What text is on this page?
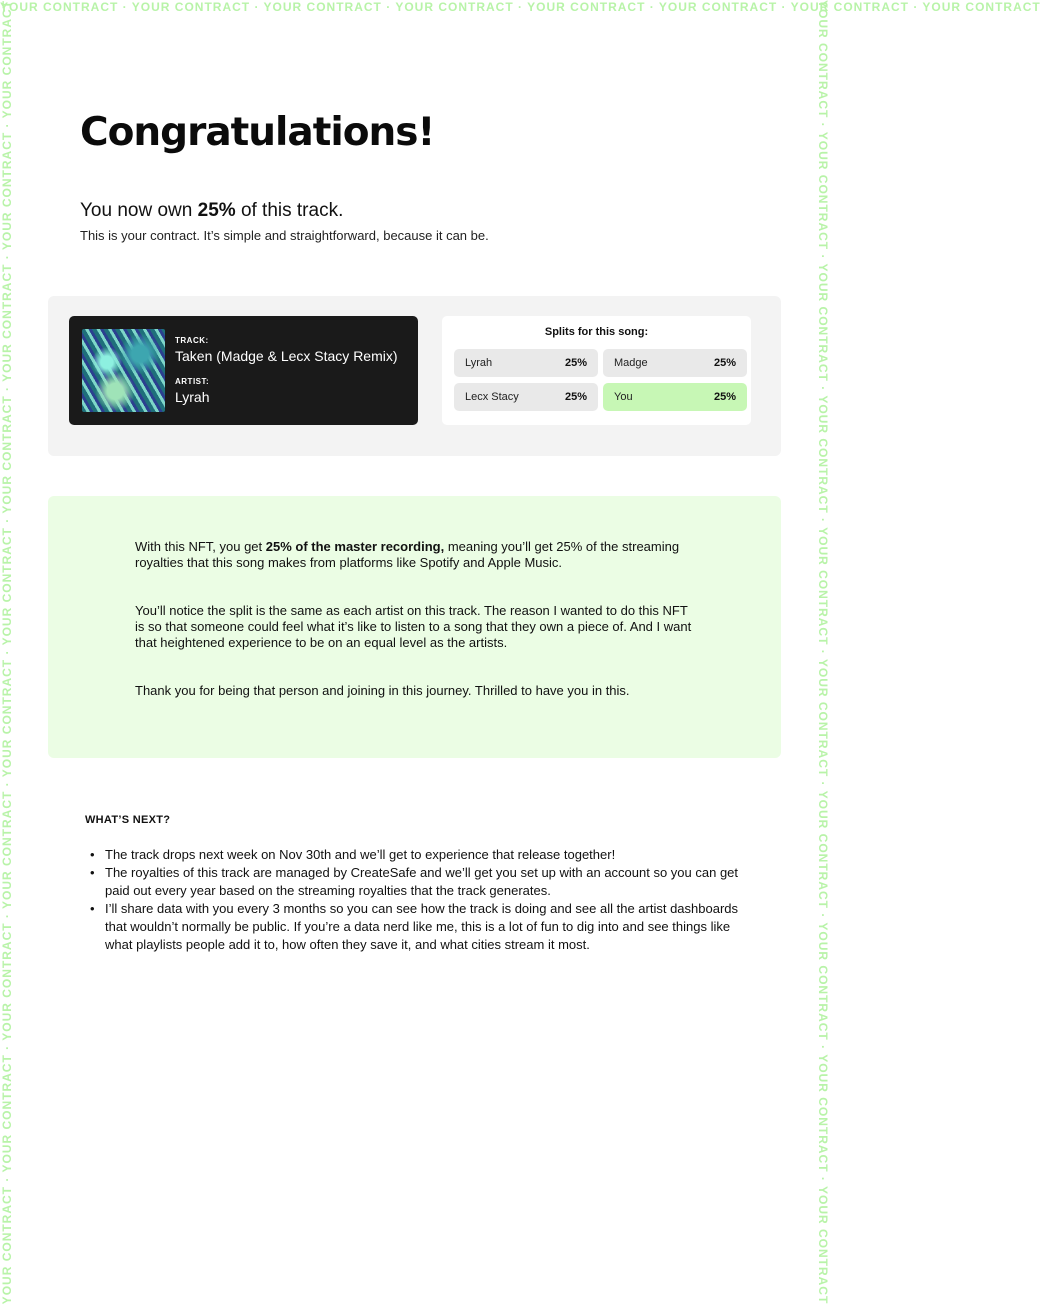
YOUR CONTRACT · YOUR CONTRACT · YOUR CONTRACT · YOUR CONTRACT · YOUR CONTRACT · YOUR CONTRACT · YOUR CONTRACT · YOUR CONTRACT
YOUR CONTRACT · YOUR CONTRACT · YOUR CONTRACT · YOUR CONTRACT · YOUR CONTRACT · YOUR CONTRACT · YOUR CONTRACT · YOUR CONTRACT · YOUR CONTRACT · YOUR CONTRACT	YOUR CONTRACT · YOUR CONTRACT · YOUR CONTRACT · YOUR CONTRACT · YOUR CONTRACT · YOUR CONTRACT · YOUR CONTRACT · YOUR CONTRACT · YOUR CONTRACT · YOUR CONTRACT
Congratulations!
You now own 25% of this track.
This is your contract. It’s simple and straightforward, because it can be.
TRACK:
Taken (Madge & Lecx Stacy Remix)
ARTIST:
Lyrah
Splits for this song:
Lyrah	25% Madge	25%
Lecx Stacy	25% You	25%

With this NFT, you get 25% of the master recording, meaning you’ll get 25% of the streaming royalties that this song makes from platforms like Spotify and Apple Music.

You’ll notice the split is the same as each artist on this track. The reason I wanted to do this NFT is so that someone could feel what it’s like to listen to a song that they own a piece of. And I want that heightened experience to be on an equal level as the artists.

Thank you for being that person and joining in this journey. Thrilled to have you in this.

WHAT’S NEXT?
• The track drops next week on Nov 30th and we’ll get to experience that release together!
• The royalties of this track are managed by CreateSafe and we’ll get you set up with an account so you can get paid out every year based on the streaming royalties that the track generates.
• I’ll share data with you every 3 months so you can see how the track is doing and see all the artist dashboards that wouldn’t normally be public. If you’re a data nerd like me, this is a lot of fun to dig into and see things like what playlists people add it to, how often they save it, and what cities stream it most.
